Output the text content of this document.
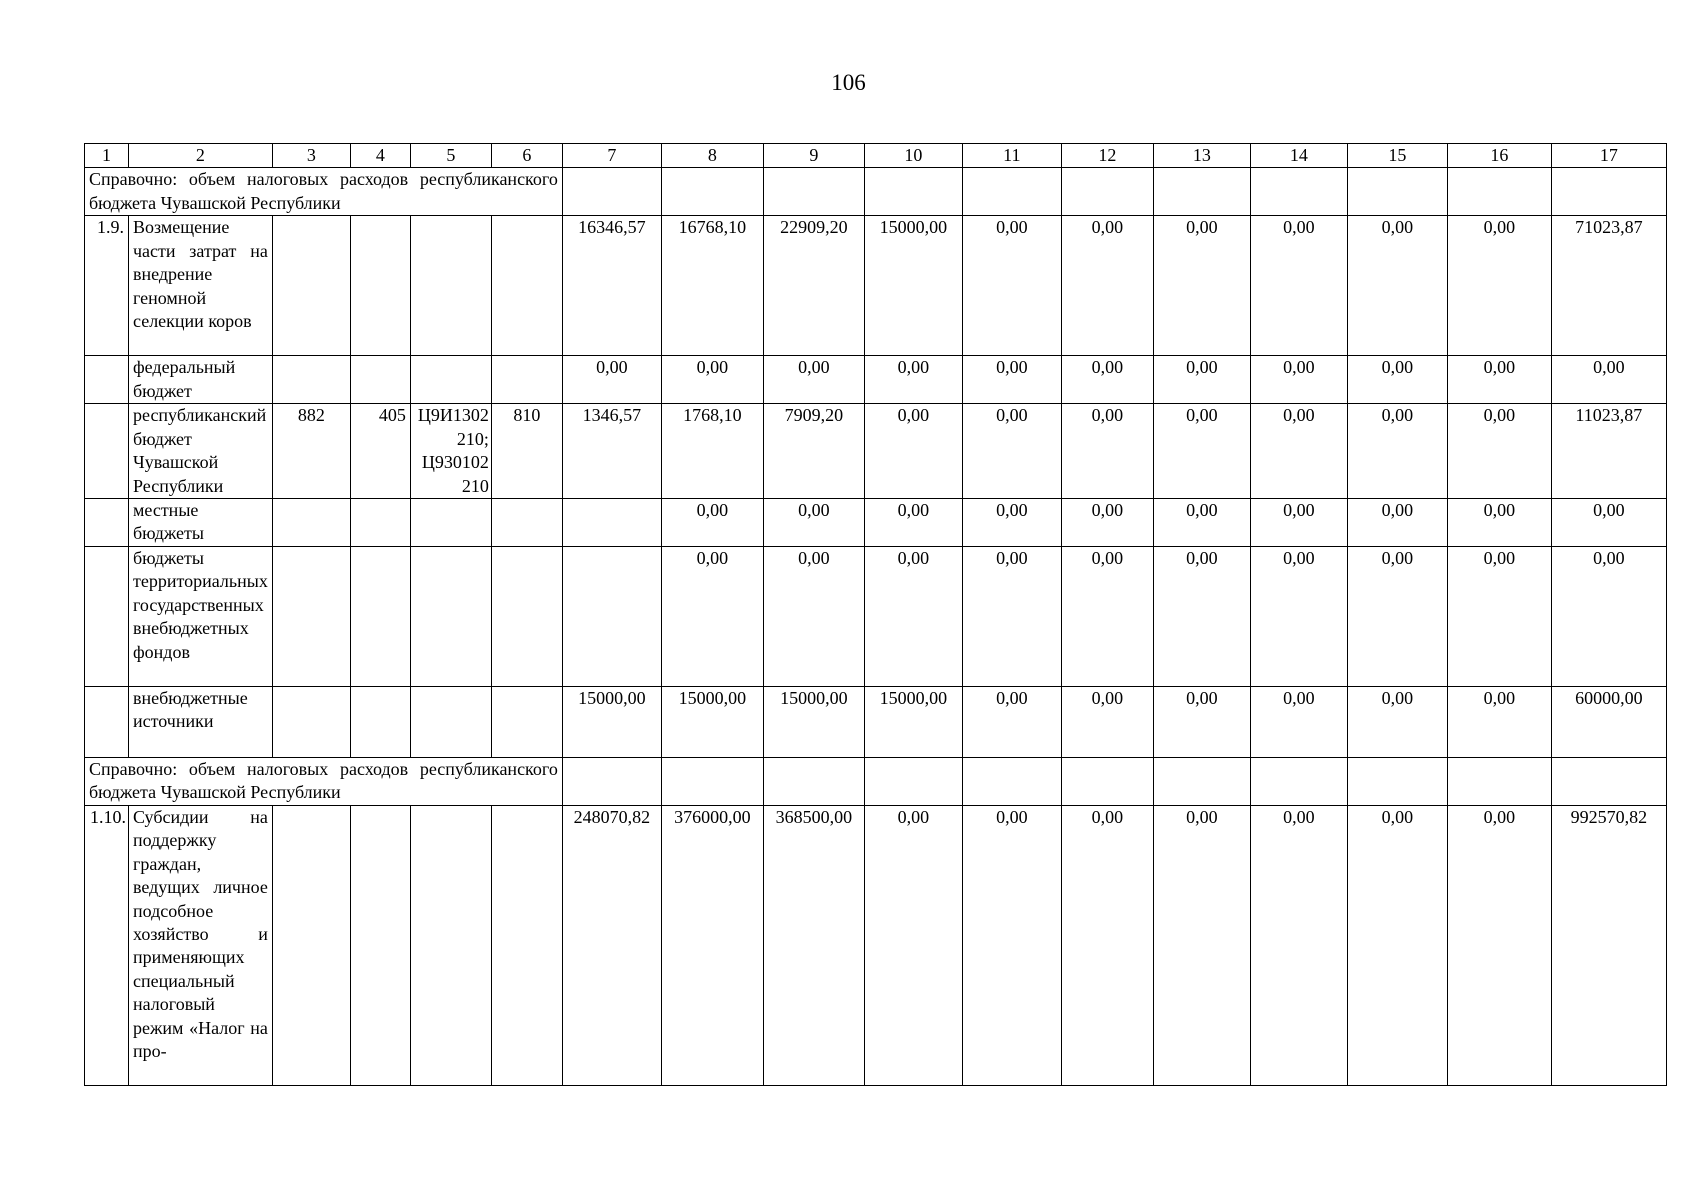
106
1	2	3	4	5	6	7	8	9	10	11	12	13	14	15	16	17
Справочно: объем налоговых расходов республиканского бюджета Чувашской Республики																
1.9.	Возмещение части затрат на внедрение геномной селекции коров					16346,57	16768,10	22909,20	15000,00	0,00	0,00	0,00	0,00	0,00	0,00	71023,87
	федеральный бюджет					0,00	0,00	0,00	0,00	0,00	0,00	0,00	0,00	0,00	0,00	0,00
	республиканский бюджет Чувашской Республики	882	405	Ц9И1302 210; Ц930102 210	810	1346,57	1768,10	7909,20	0,00	0,00	0,00	0,00	0,00	0,00	0,00	11023,87
	местные бюджеты						0,00	0,00	0,00	0,00	0,00	0,00	0,00	0,00	0,00	0,00
	бюджеты территориальных государственных внебюджетных фондов						0,00	0,00	0,00	0,00	0,00	0,00	0,00	0,00	0,00	0,00
	внебюджетные источники					15000,00	15000,00	15000,00	15000,00	0,00	0,00	0,00	0,00	0,00	0,00	60000,00
Справочно: объем налоговых расходов республиканского бюджета Чувашской Республики																
1.10.	Субсидии на поддержку граждан, ведущих личное подсобное хозяйство и применяющих специальный налоговый режим «Налог на про-					248070,82	376000,00	368500,00	0,00	0,00	0,00	0,00	0,00	0,00	0,00	992570,82
